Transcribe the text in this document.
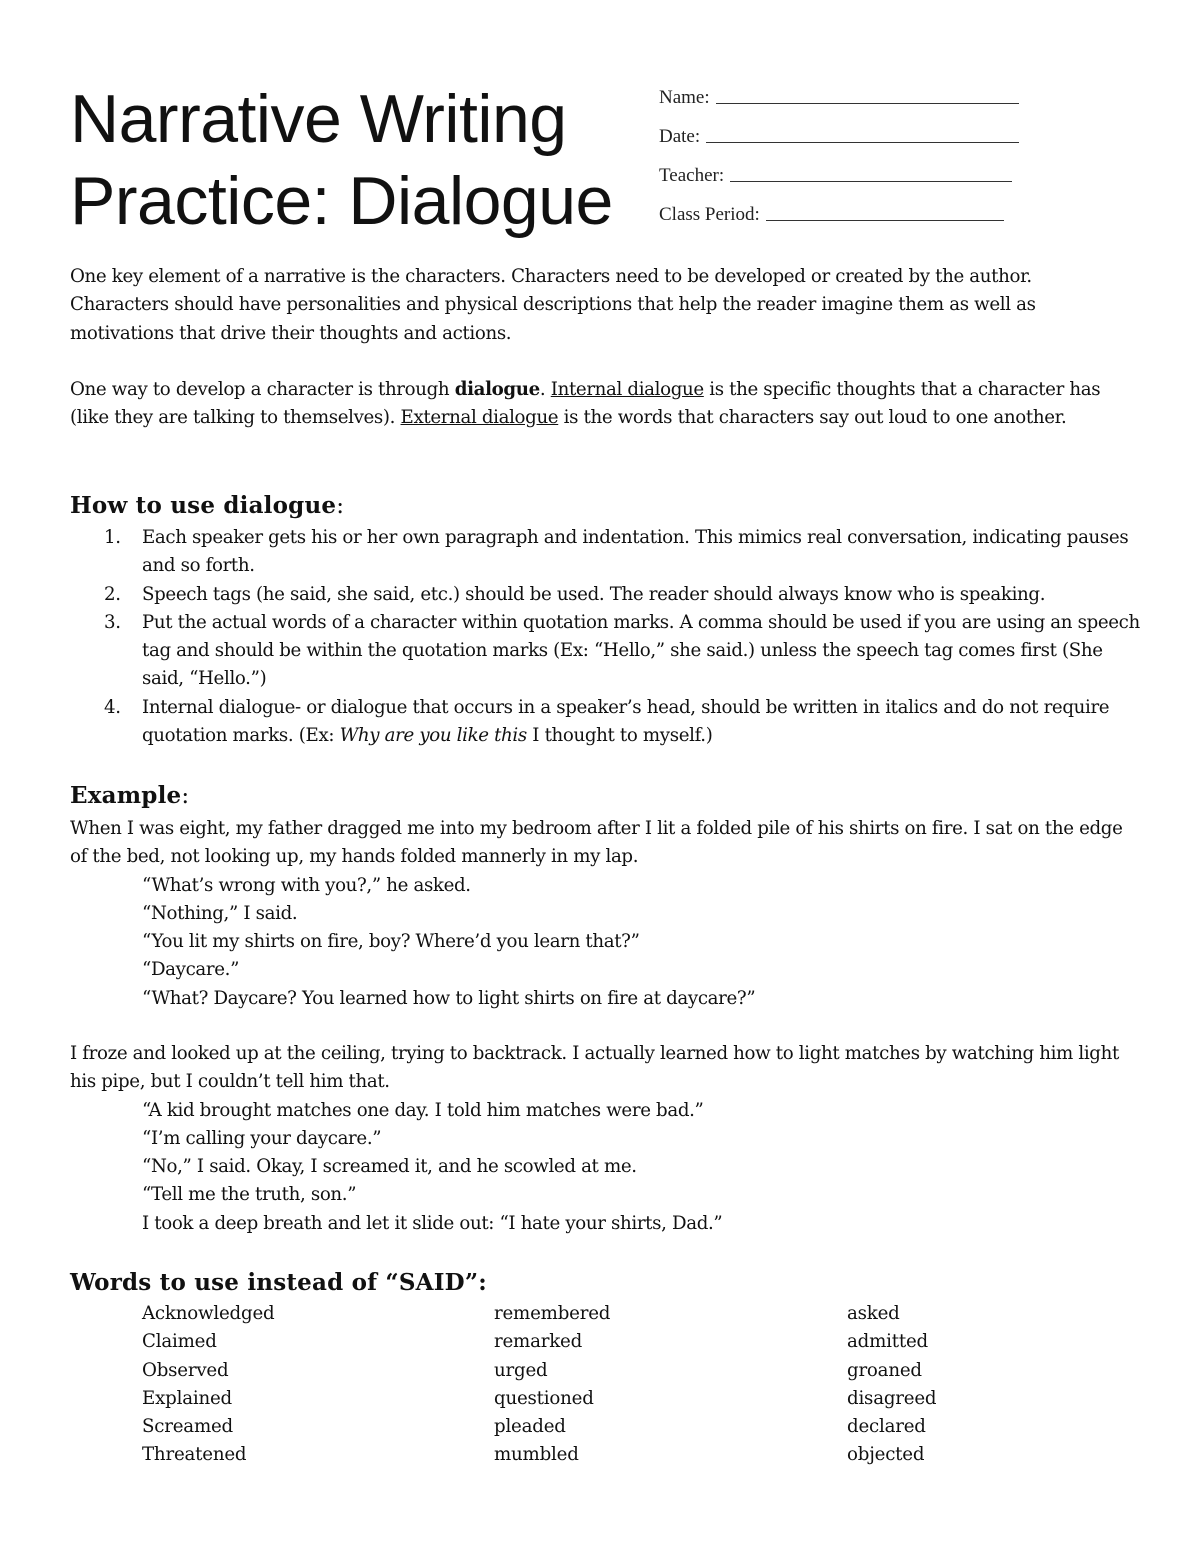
Narrative Writing
Practice: Dialogue
Name:
Date:
Teacher:
Class Period:

One key element of a narrative is the characters. Characters need to be developed or created by the author. Characters should have personalities and physical descriptions that help the reader imagine them as well as motivations that drive their thoughts and actions.

One way to develop a character is through dialogue. Internal dialogue is the specific thoughts that a character has (like they are talking to themselves). External dialogue is the words that characters say out loud to one another.

How to use dialogue:
1. Each speaker gets his or her own paragraph and indentation. This mimics real conversation, indicating pauses and so forth.
2. Speech tags (he said, she said, etc.) should be used. The reader should always know who is speaking.
3. Put the actual words of a character within quotation marks. A comma should be used if you are using an speech tag and should be within the quotation marks (Ex: “Hello,” she said.) unless the speech tag comes first (She said, “Hello.”)
4. Internal dialogue- or dialogue that occurs in a speaker’s head, should be written in italics and do not require quotation marks. (Ex: Why are you like this I thought to myself.)
Example:
When I was eight, my father dragged me into my bedroom after I lit a folded pile of his shirts on fire. I sat on the edge of the bed, not looking up, my hands folded mannerly in my lap.
“What’s wrong with you?,” he asked.
“Nothing,” I said.
“You lit my shirts on fire, boy? Where’d you learn that?”
“Daycare.”
“What? Daycare? You learned how to light shirts on fire at daycare?”
I froze and looked up at the ceiling, trying to backtrack. I actually learned how to light matches by watching him light his pipe, but I couldn’t tell him that.
“A kid brought matches one day. I told him matches were bad.”
“I’m calling your daycare.”
“No,” I said. Okay, I screamed it, and he scowled at me.
“Tell me the truth, son.”
I took a deep breath and let it slide out: “I hate your shirts, Dad.”
Words to use instead of “SAID”:
Acknowledged
Claimed
Observed
Explained
Screamed
Threatened
remembered
remarked
urged
questioned
pleaded
mumbled
asked
admitted
groaned
disagreed
declared
objected
